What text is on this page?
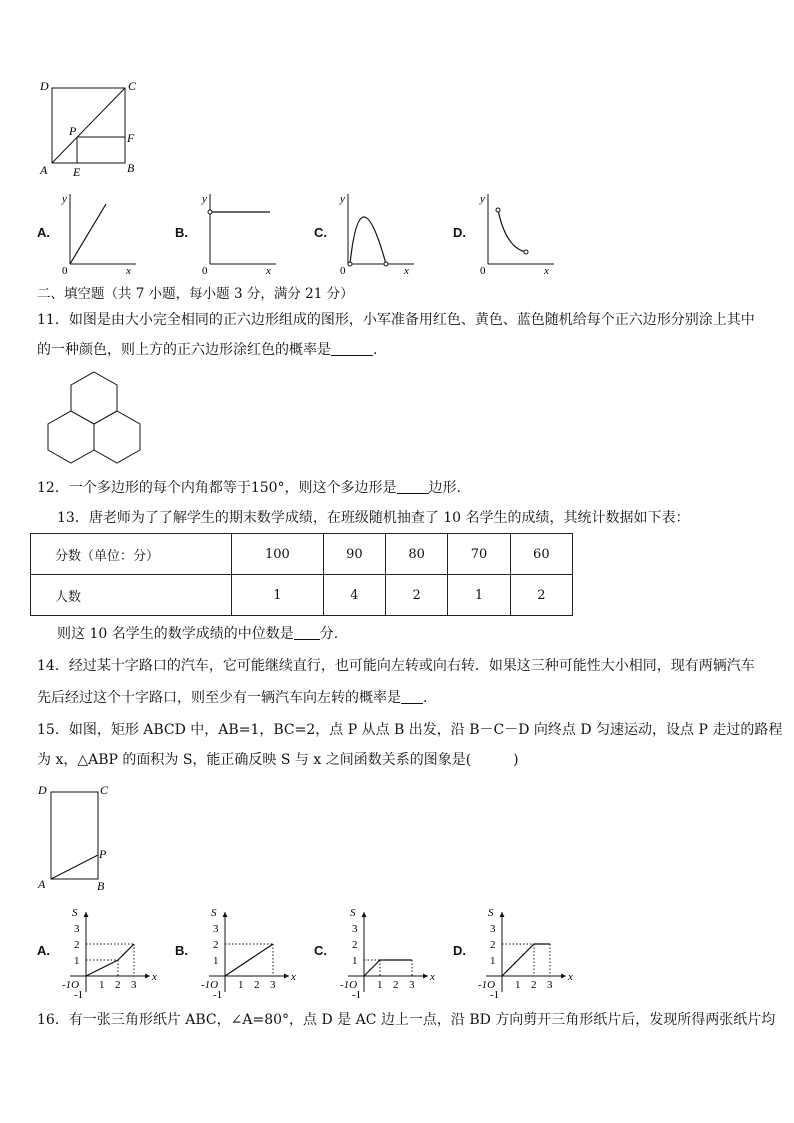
D	C
A	B
P	F
E
A.
y
x
0
B.
y
x
0
C.
y
x
0
D.
y
x
0
二、填空题（共 7 小题，每小题 3 分，满分 21 分）
11．如图是由大小完全相同的正六边形组成的图形，小军准备用红色、黄色、蓝色随机给每个正六边形分别涂上其中
的一种颜色，则上方的正六边形涂红色的概率是	.
12．一个多边形的每个内角都等于150°，则这个多边形是 边形.
13．唐老师为了了解学生的期末数学成绩，在班级随机抽查了 10 名学生的成绩，其统计数据如下表：
分数（单位：分）	100	90	80	70	60
人数	1	4	2	1	2
则这 10 名学生的数学成绩的中位数是 分.
14．经过某十字路口的汽车，它可能继续直行，也可能向左转或向右转．如果这三种可能性大小相同，现有两辆汽车
先后经过这个十字路口，则至少有一辆汽车向左转的概率是 .
15．如图，矩形 ABCD 中，AB=1，BC=2，点 P 从点 B 出发，沿 B－C－D 向终点 D 匀速运动，设点 P 走过的路程
为 x，△ABP 的面积为 S，能正确反映 S 与 x 之间函数关系的图象是(　　　)
D	C
A	B
P
A.	B.	C.	D.
S
x
-1O
-1
1 2 3
1
2
3
S
x
-1O
-1
1 2 3
1
2
3
S
x
-1O
-1
1 2 3
1
2
3
S
x
-1O
-1
1 2 3
1
2
3
16．有一张三角形纸片 ABC，∠A=80°，点 D 是 AC 边上一点，沿 BD 方向剪开三角形纸片后，发现所得两张纸片均
